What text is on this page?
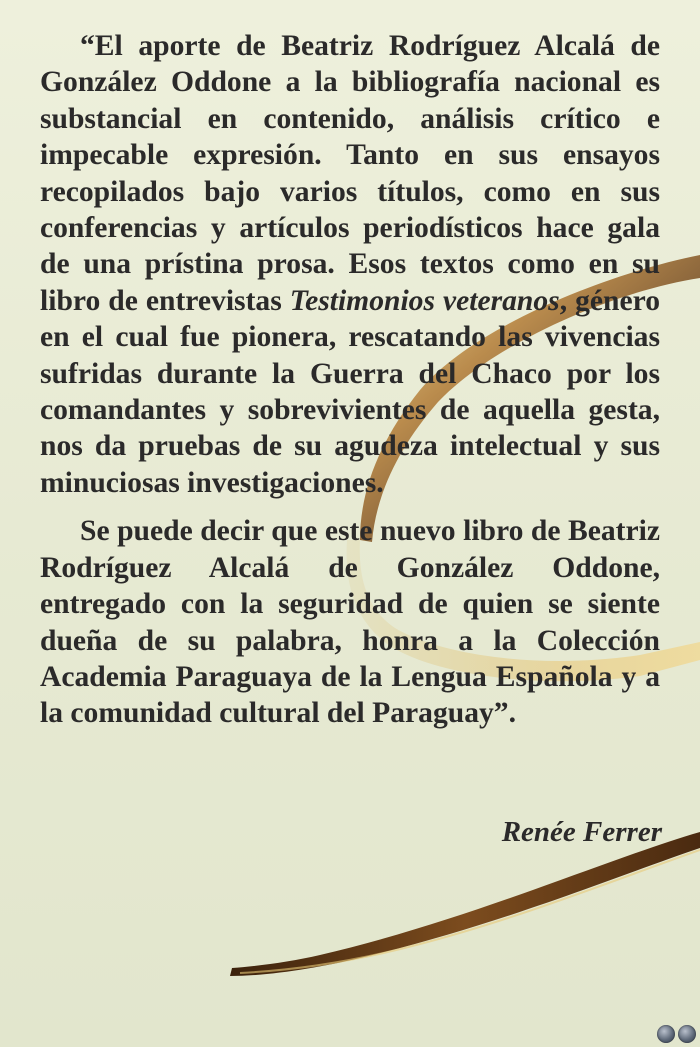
“El aporte de Beatriz Rodríguez Alcalá de González Oddone a la bibliografía nacional es substancial en contenido, análisis crítico e impecable expresión. Tanto en sus ensayos recopilados bajo varios títulos, como en sus conferencias y artículos periodísticos hace gala de una prístina prosa. Esos textos como en su libro de entrevistas Testimonios veteranos, género en el cual fue pionera, rescatando las vivencias sufridas durante la Guerra del Chaco por los comandantes y sobrevivientes de aquella gesta, nos da pruebas de su agudeza intelectual y sus minuciosas investigaciones.

Se puede decir que este nuevo libro de Beatriz Rodríguez Alcalá de González Oddone, entregado con la seguridad de quien se siente dueña de su palabra, honra a la Colección Academia Paraguaya de la Lengua Española y a la comunidad cultural del Paraguay”.

Renée Ferrer
